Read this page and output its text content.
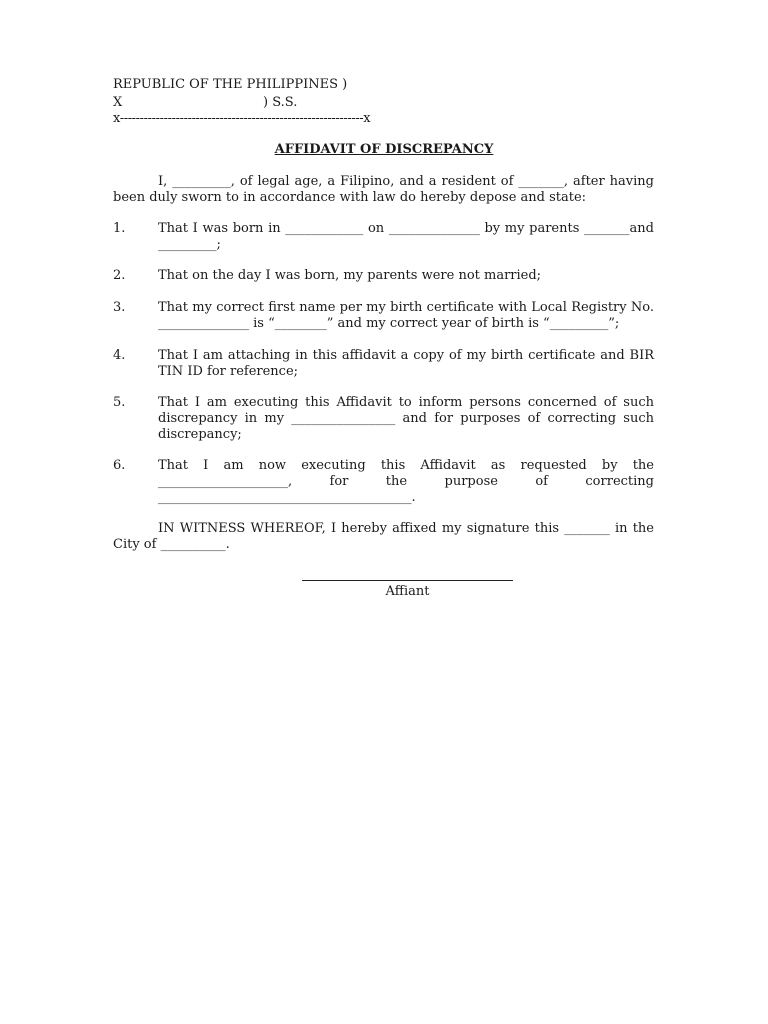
REPUBLIC OF THE PHILIPPINES )
X	) S.S.
x-------------------------------------------------------------x
AFFIDAVIT OF DISCREPANCY
I, _________, of legal age, a Filipino, and a resident of _______, after having been duly sworn to in accordance with law do hereby depose and state:
1.	That I was born in ____________ on ______________ by my parents _______and _________;
2.	That on the day I was born, my parents were not married;
3.	That my correct first name per my birth certificate with Local Registry No. ______________ is “________” and my correct year of birth is “_________”;
4.	That I am attaching in this affidavit a copy of my birth certificate and BIR TIN ID for reference;
5.	That I am executing this Affidavit to inform persons concerned of such discrepancy in my ________________ and for purposes of correcting such discrepancy;
6.	That I am now executing this Affidavit as requested by the ____________________, for the purpose of correcting _______________________________________.
IN WITNESS WHEREOF, I hereby affixed my signature this _______ in the City of __________.
Affiant
